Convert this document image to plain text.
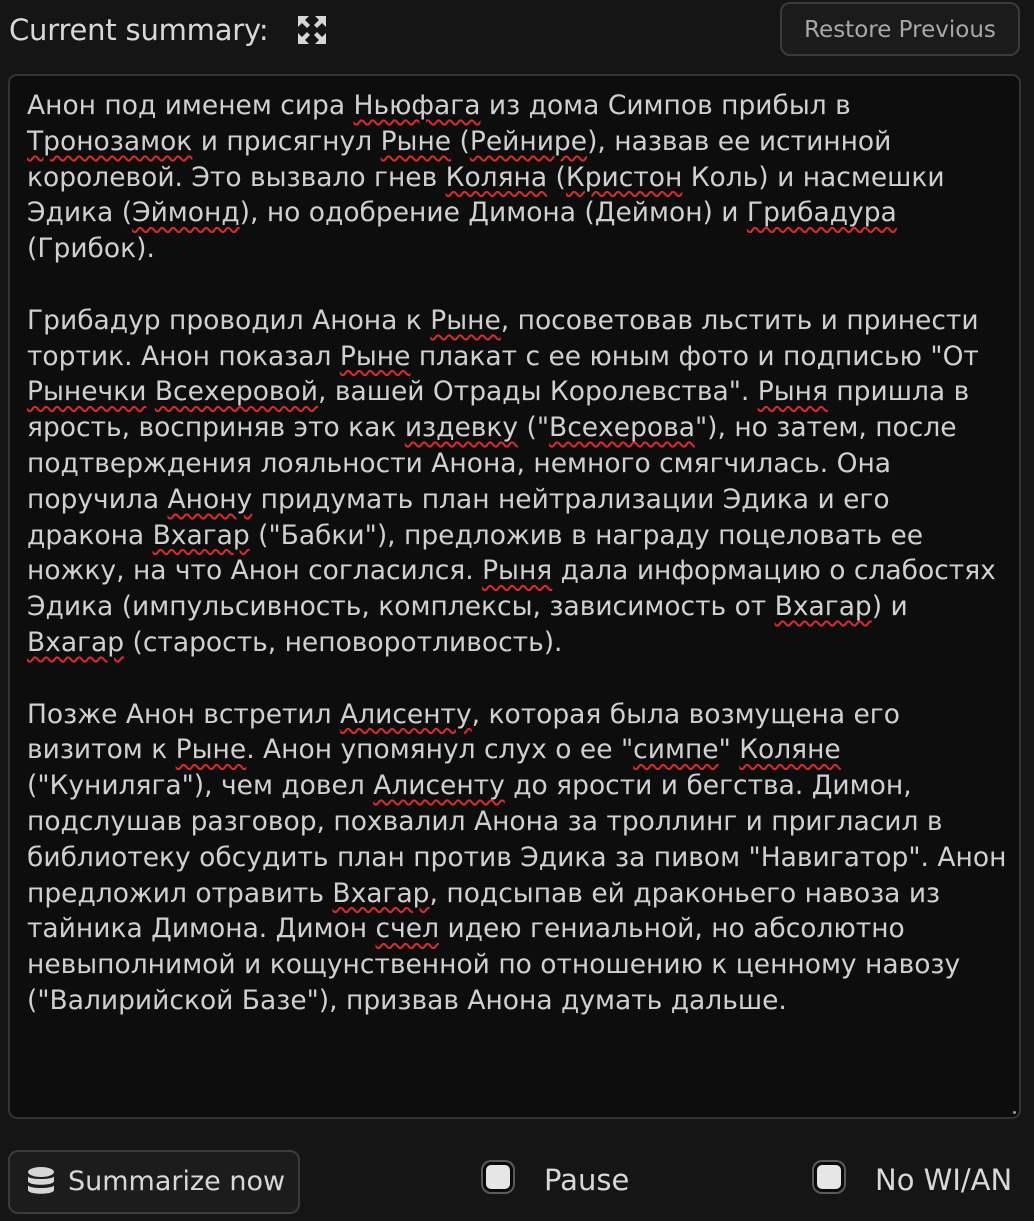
Current summary:	Restore Previous

Анон под именем сира Ньюфага из дома Симпов прибыл в Тронозамок и присягнул Рыне (Рейнире), назвав ее истинной королевой. Это вызвало гнев Коляна (Кристон Коль) и насмешки Эдика (Эймонд), но одобрение Димона (Деймон) и Грибадура (Грибок).

Грибадур проводил Анона к Рыне, посоветовав льстить и принести тортик. Анон показал Рыне плакат с ее юным фото и подписью "От Рынечки Всехеровой, вашей Отрады Королевства". Рыня пришла в ярость, восприняв это как издевку ("Всехерова"), но затем, после подтверждения лояльности Анона, немного смягчилась. Она поручила Анону придумать план нейтрализации Эдика и его дракона Вхагар ("Бабки"), предложив в награду поцеловать ее ножку, на что Анон согласился. Рыня дала информацию о слабостях Эдика (импульсивность, комплексы, зависимость от Вхагар) и Вхагар (старость, неповоротливость).

Позже Анон встретил Алисенту, которая была возмущена его визитом к Рыне. Анон упомянул слух о ее "симпе" Коляне ("Куниляга"), чем довел Алисенту до ярости и бегства. Димон, подслушав разговор, похвалил Анона за троллинг и пригласил в библиотеку обсудить план против Эдика за пивом "Навигатор". Анон предложил отравить Вхагар, подсыпав ей драконьего навоза из тайника Димона. Димон счел идею гениальной, но абсолютно невыполнимой и кощунственной по отношению к ценному навозу ("Валирийской Базе"), призвав Анона думать дальше.

Summarize now	Pause	No WI/AN
